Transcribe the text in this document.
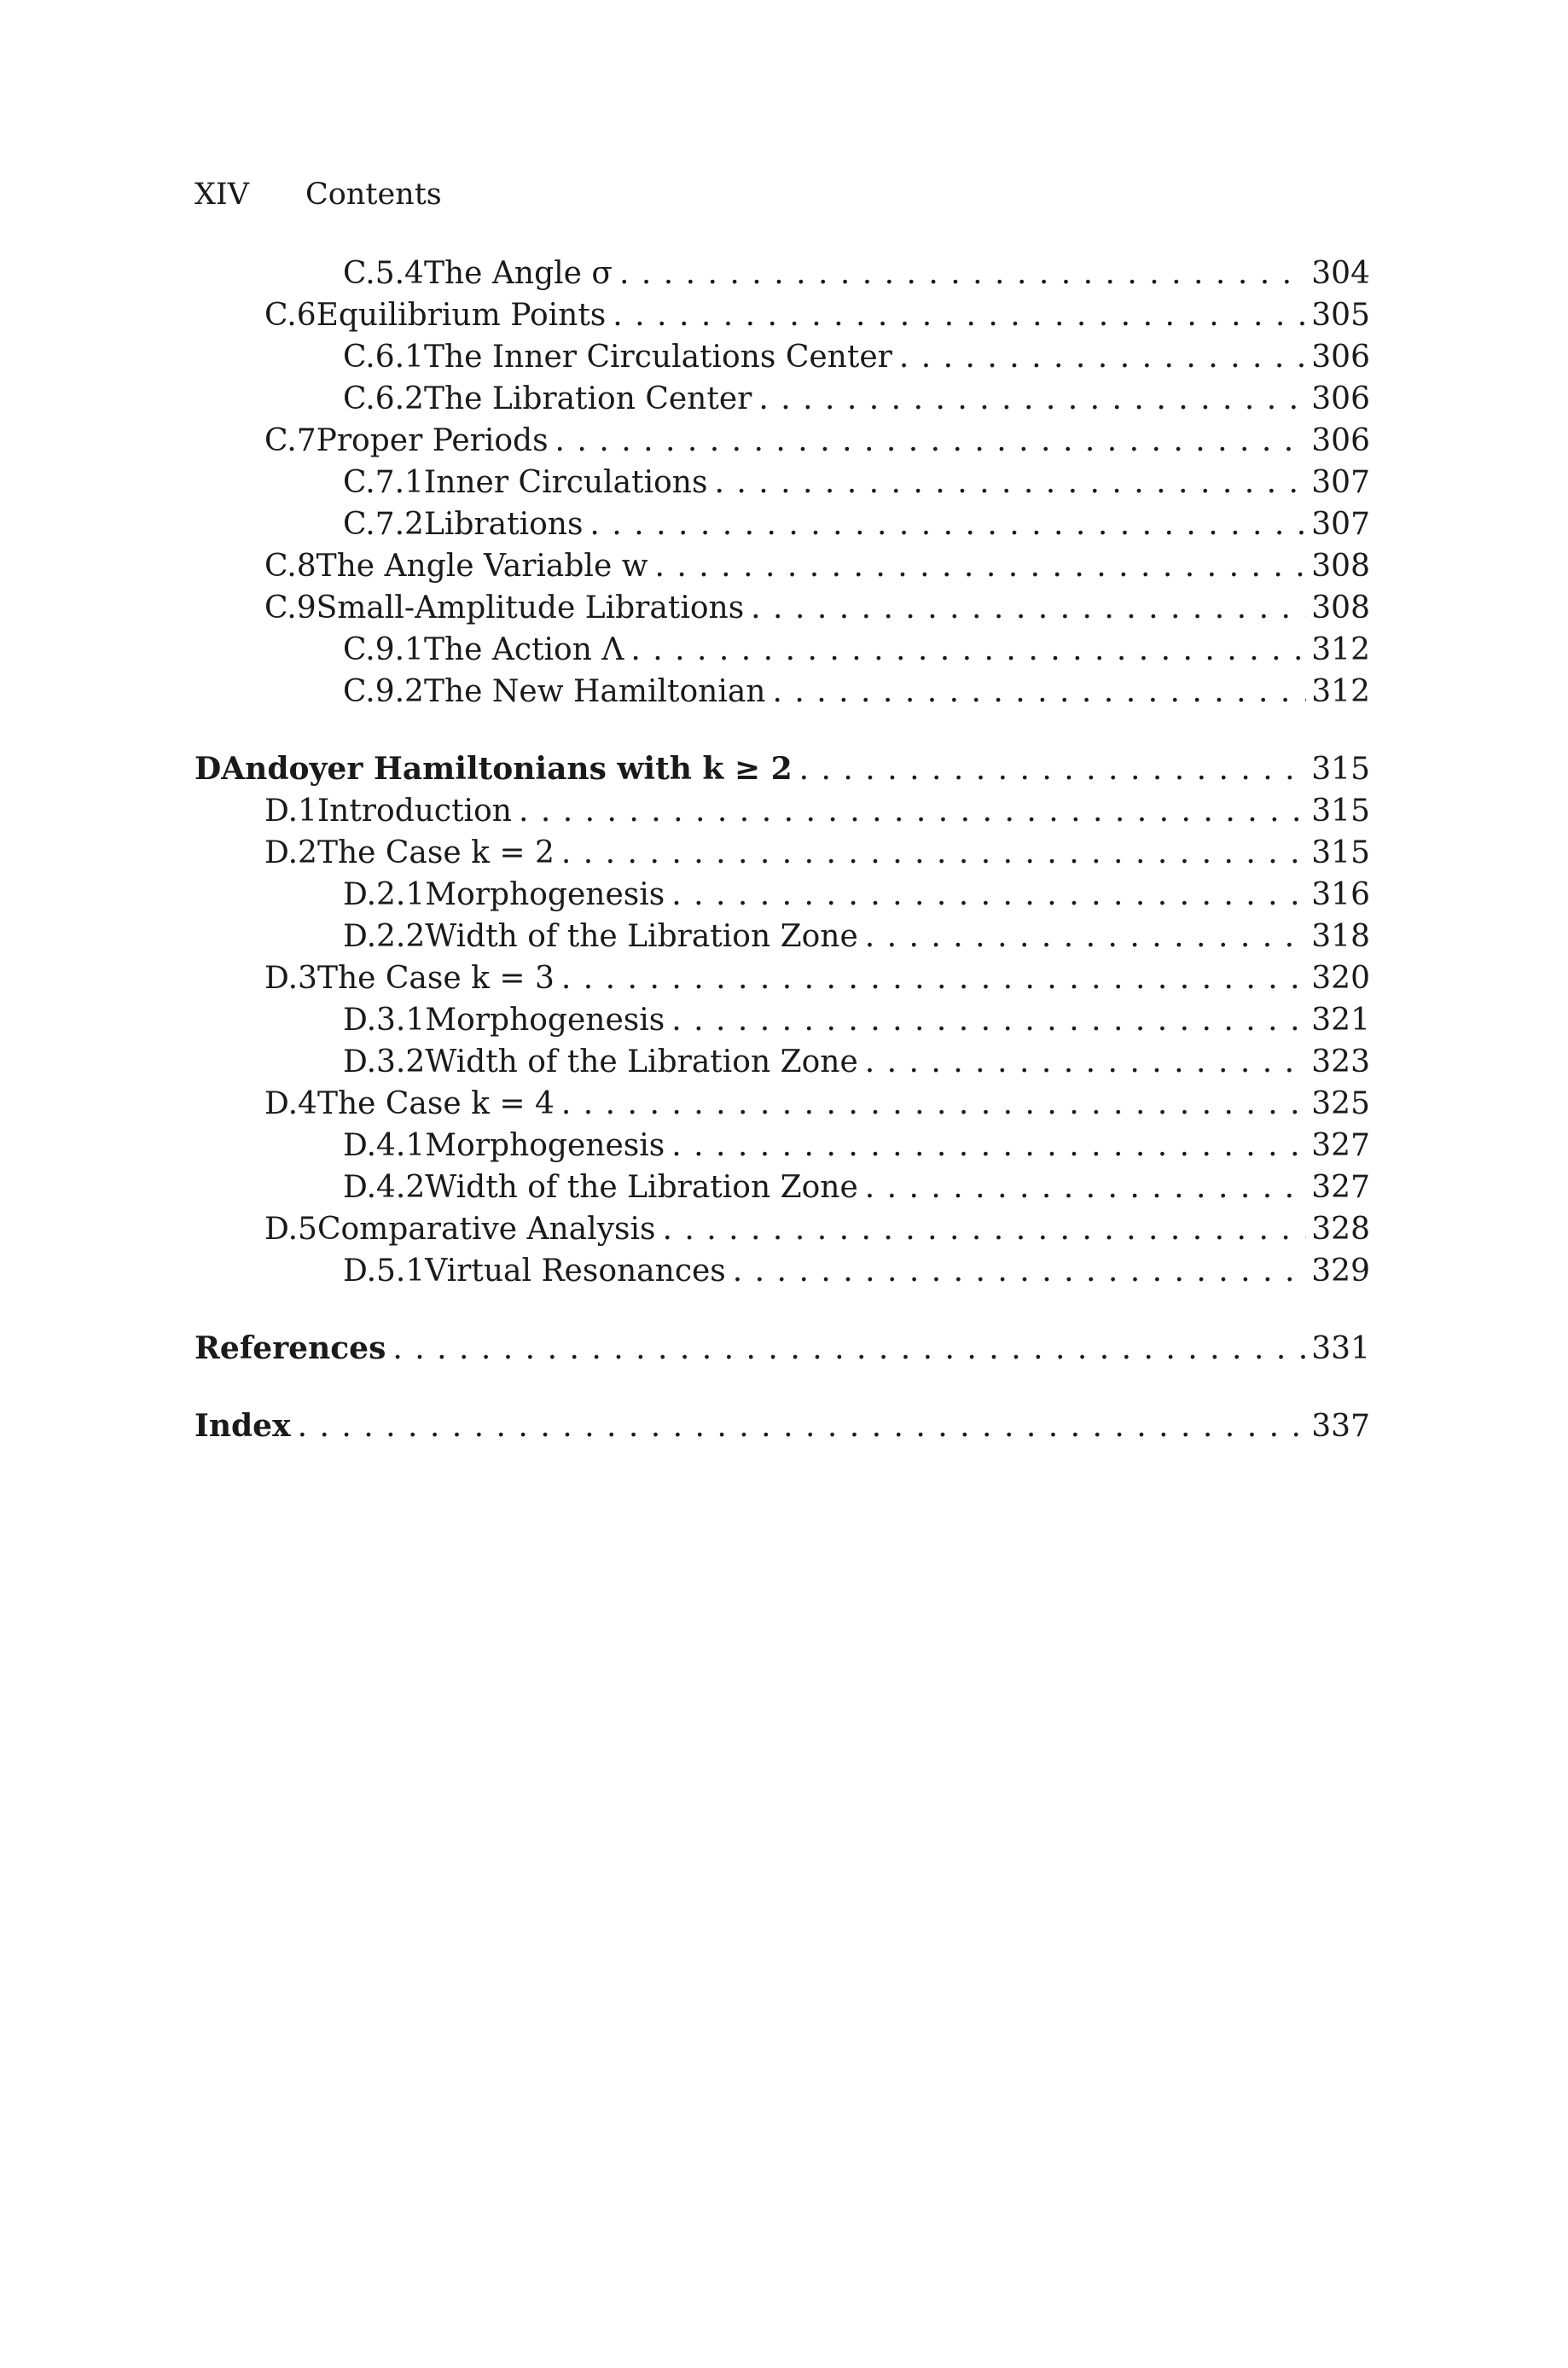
XIV Contents
C.5.4 The Angle σ . . .	304
C.6 Equilibrium Points . . .	305
C.6.1 The Inner Circulations Center . . .	306
C.6.2 The Libration Center . . .	306
C.7 Proper Periods . . .	306
C.7.1 Inner Circulations . . .	307
C.7.2 Librations . . .	307
C.8 The Angle Variable w . . .	308
C.9 Small-Amplitude Librations . . .	308
C.9.1 The Action Λ . . .	312
C.9.2 The New Hamiltonian . . .	312
D Andoyer Hamiltonians with k ≥ 2 . . .	315
D.1 Introduction . . .	315
D.2 The Case k = 2 . . .	315
D.2.1 Morphogenesis . . .	316
D.2.2 Width of the Libration Zone . . .	318
D.3 The Case k = 3 . . .	320
D.3.1 Morphogenesis . . .	321
D.3.2 Width of the Libration Zone . . .	323
D.4 The Case k = 4 . . .	325
D.4.1 Morphogenesis . . .	327
D.4.2 Width of the Libration Zone . . .	327
D.5 Comparative Analysis . . .	328
D.5.1 Virtual Resonances . . .	329
References . . .	331
Index . . .	337
